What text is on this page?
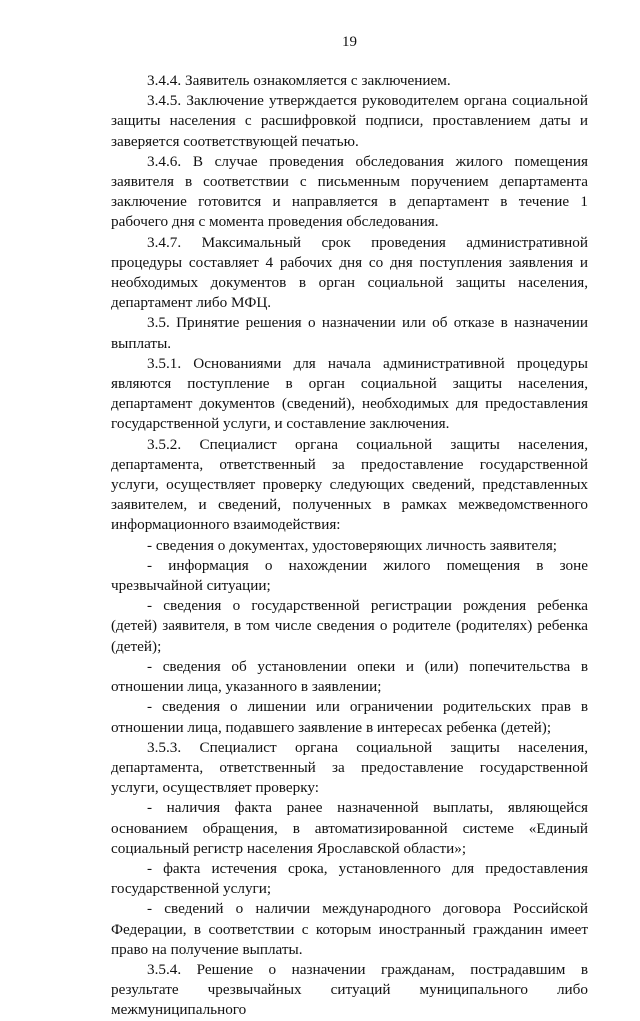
19

3.4.4. Заявитель ознакомляется с заключением.

3.4.5. Заключение утверждается руководителем органа социальной защиты населения с расшифровкой подписи, проставлением даты и заверяется соответствующей печатью.

3.4.6. В случае проведения обследования жилого помещения заявителя в соответствии с письменным поручением департамента заключение готовится и направляется в департамент в течение 1 рабочего дня с момента проведения обследования.

3.4.7. Максимальный срок проведения административной процедуры составляет 4 рабочих дня со дня поступления заявления и необходимых документов в орган социальной защиты населения, департамент либо МФЦ.

3.5. Принятие решения о назначении или об отказе в назначении выплаты.

3.5.1. Основаниями для начала административной процедуры являются поступление в орган социальной защиты населения, департамент документов (сведений), необходимых для предоставления государственной услуги, и составление заключения.

3.5.2. Специалист органа социальной защиты населения, департамента, ответственный за предоставление государственной услуги, осуществляет проверку следующих сведений, представленных заявителем, и сведений, полученных в рамках межведомственного информационного взаимодействия:

- сведения о документах, удостоверяющих личность заявителя;

- информация о нахождении жилого помещения в зоне чрезвычайной ситуации;

- сведения о государственной регистрации рождения ребенка (детей) заявителя, в том числе сведения о родителе (родителях) ребенка (детей);

- сведения об установлении опеки и (или) попечительства в отношении лица, указанного в заявлении;

- сведения о лишении или ограничении родительских прав в отношении лица, подавшего заявление в интересах ребенка (детей);

3.5.3. Специалист органа социальной защиты населения, департамента, ответственный за предоставление государственной услуги, осуществляет проверку:

- наличия факта ранее назначенной выплаты, являющейся основанием обращения, в автоматизированной системе «Единый социальный регистр населения Ярославской области»;

- факта истечения срока, установленного для предоставления государственной услуги;

- сведений о наличии международного договора Российской Федерации, в соответствии с которым иностранный гражданин имеет право на получение выплаты.

3.5.4. Решение о назначении гражданам, пострадавшим в результате чрезвычайных ситуаций муниципального либо межмуниципального
